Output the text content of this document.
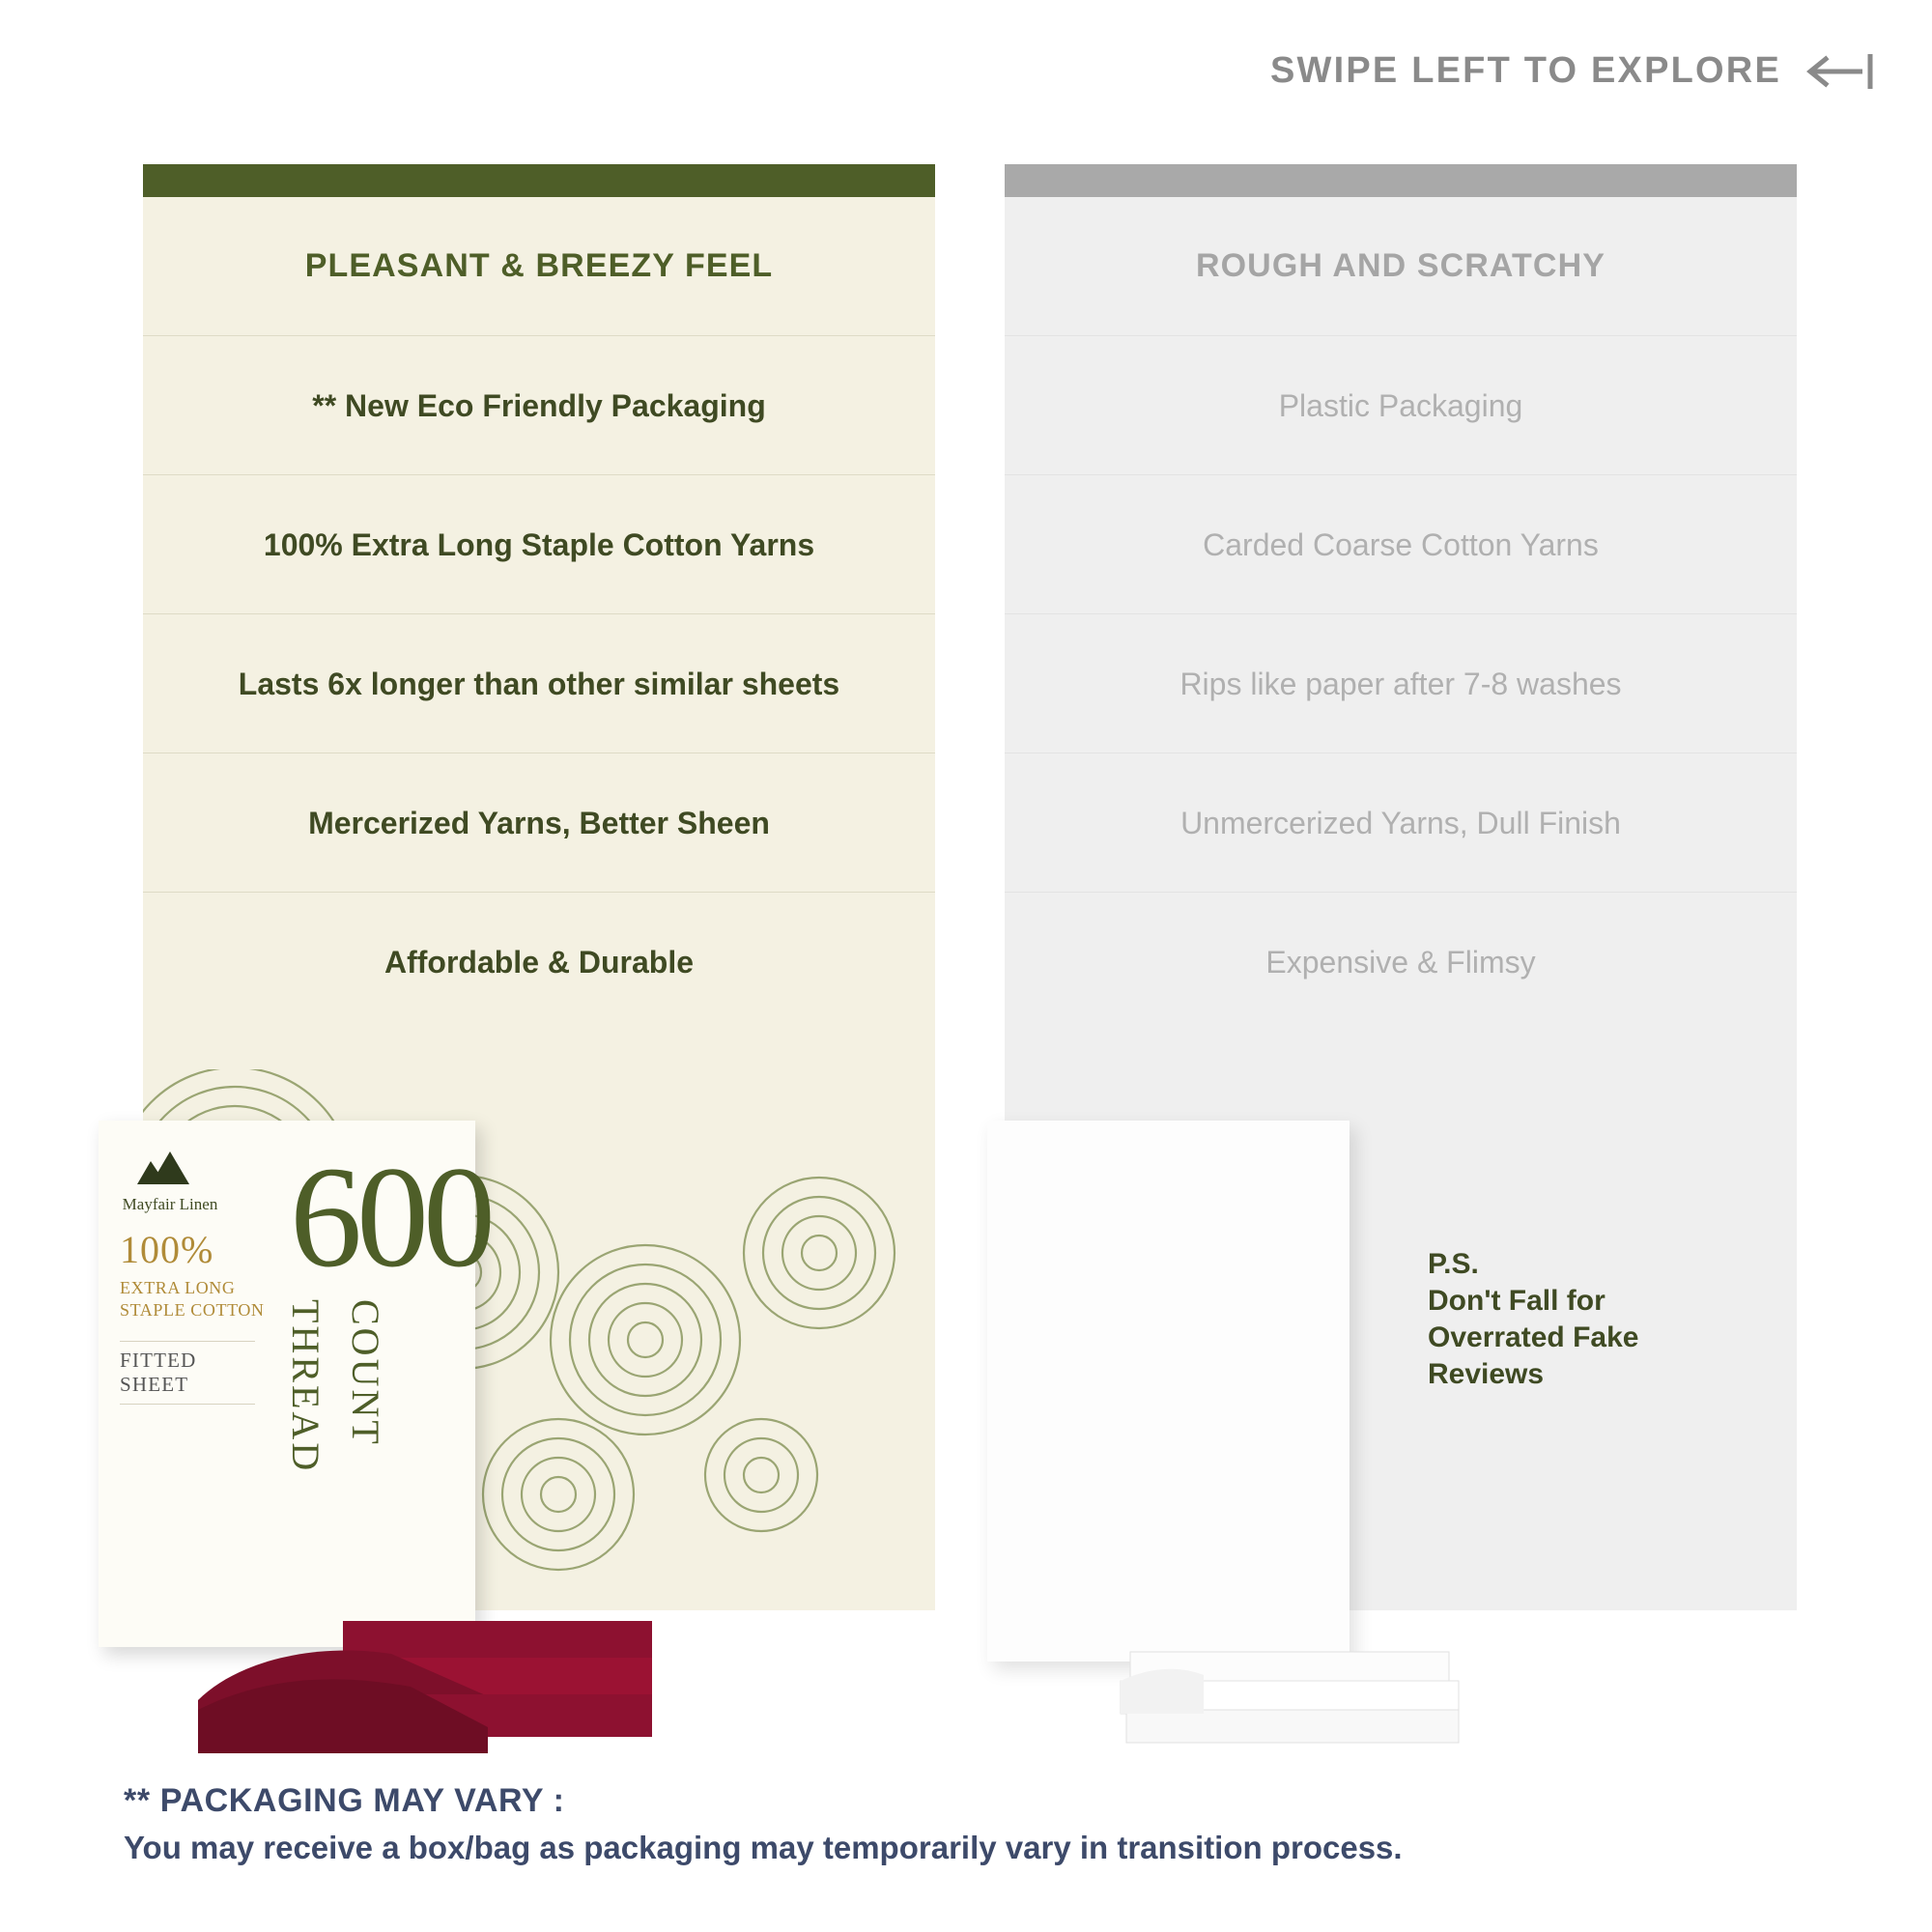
SWIPE LEFT TO EXPLORE
PLEASANT & BREEZY FEEL
** New Eco Friendly Packaging
100% Extra Long Staple Cotton Yarns
Lasts 6x longer than other similar sheets
Mercerized Yarns, Better Sheen
Affordable & Durable
ROUGH AND SCRATCHY
Plastic Packaging
Carded Coarse Cotton Yarns
Rips like paper after 7-8 washes
Unmercerized Yarns, Dull Finish
Expensive & Flimsy
Mayfair Linen
100%
EXTRA LONG
STAPLE COTTON
FITTED SHEET
600
THREAD COUNT

P.S.
Don't Fall for
Overrated Fake
Reviews
** PACKAGING MAY VARY :
You may receive a box/bag as packaging may temporarily vary in transition process.
